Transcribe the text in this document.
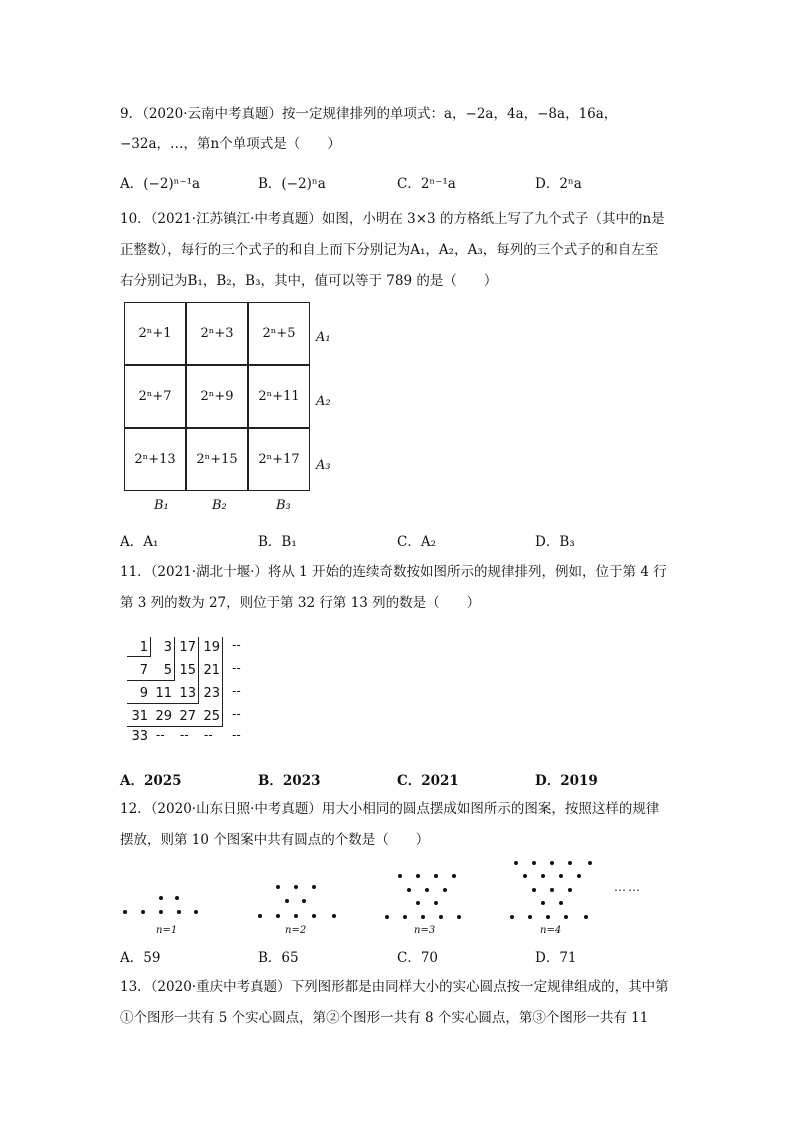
9．（2020·云南中考真题）按一定规律排列的单项式：a，−2a，4a，−8a，16a，
−32a，…，第n个单项式是（　　）
A．(−2)ⁿ⁻¹a	B．(−2)ⁿa	C．2ⁿ⁻¹a	D．2ⁿa
10．（2021·江苏镇江·中考真题）如图，小明在 3×3 的方格纸上写了九个式子（其中的n是
正整数），每行的三个式子的和自上而下分别记为A₁，A₂，A₃，每列的三个式子的和自左至
右分别记为B₁，B₂，B₃，其中，值可以等于 789 的是（　　）
2ⁿ+1	2ⁿ+3	2ⁿ+5
2ⁿ+7	2ⁿ+9	2ⁿ+11
2ⁿ+13	2ⁿ+15	2ⁿ+17
A₁
A₂
A₃
B₁	B₂	B₃
A．A₁	B．B₁	C．A₂	D．B₃
11．（2021·湖北十堰·）将从 1 开始的连续奇数按如图所示的规律排列，例如，位于第 4 行
第 3 列的数为 27，则位于第 32 行第 13 列的数是（　　）
1	3 17 19 --
7	5 15 21 --
9 11 13 23 --
31 29 27 25 --
33 -- -- -- --
A．2025	B．2023	C．2021	D．2019
12．（2020·山东日照·中考真题）用大小相同的圆点摆成如图所示的图案，按照这样的规律
摆放，则第 10 个图案中共有圆点的个数是（　　）
n=1	n=2	n=3	n=4
……
A．59	B．65	C．70	D．71
13．（2020·重庆中考真题）下列图形都是由同样大小的实心圆点按一定规律组成的，其中第
①个图形一共有 5 个实心圆点，第②个图形一共有 8 个实心圆点，第③个图形一共有 11
